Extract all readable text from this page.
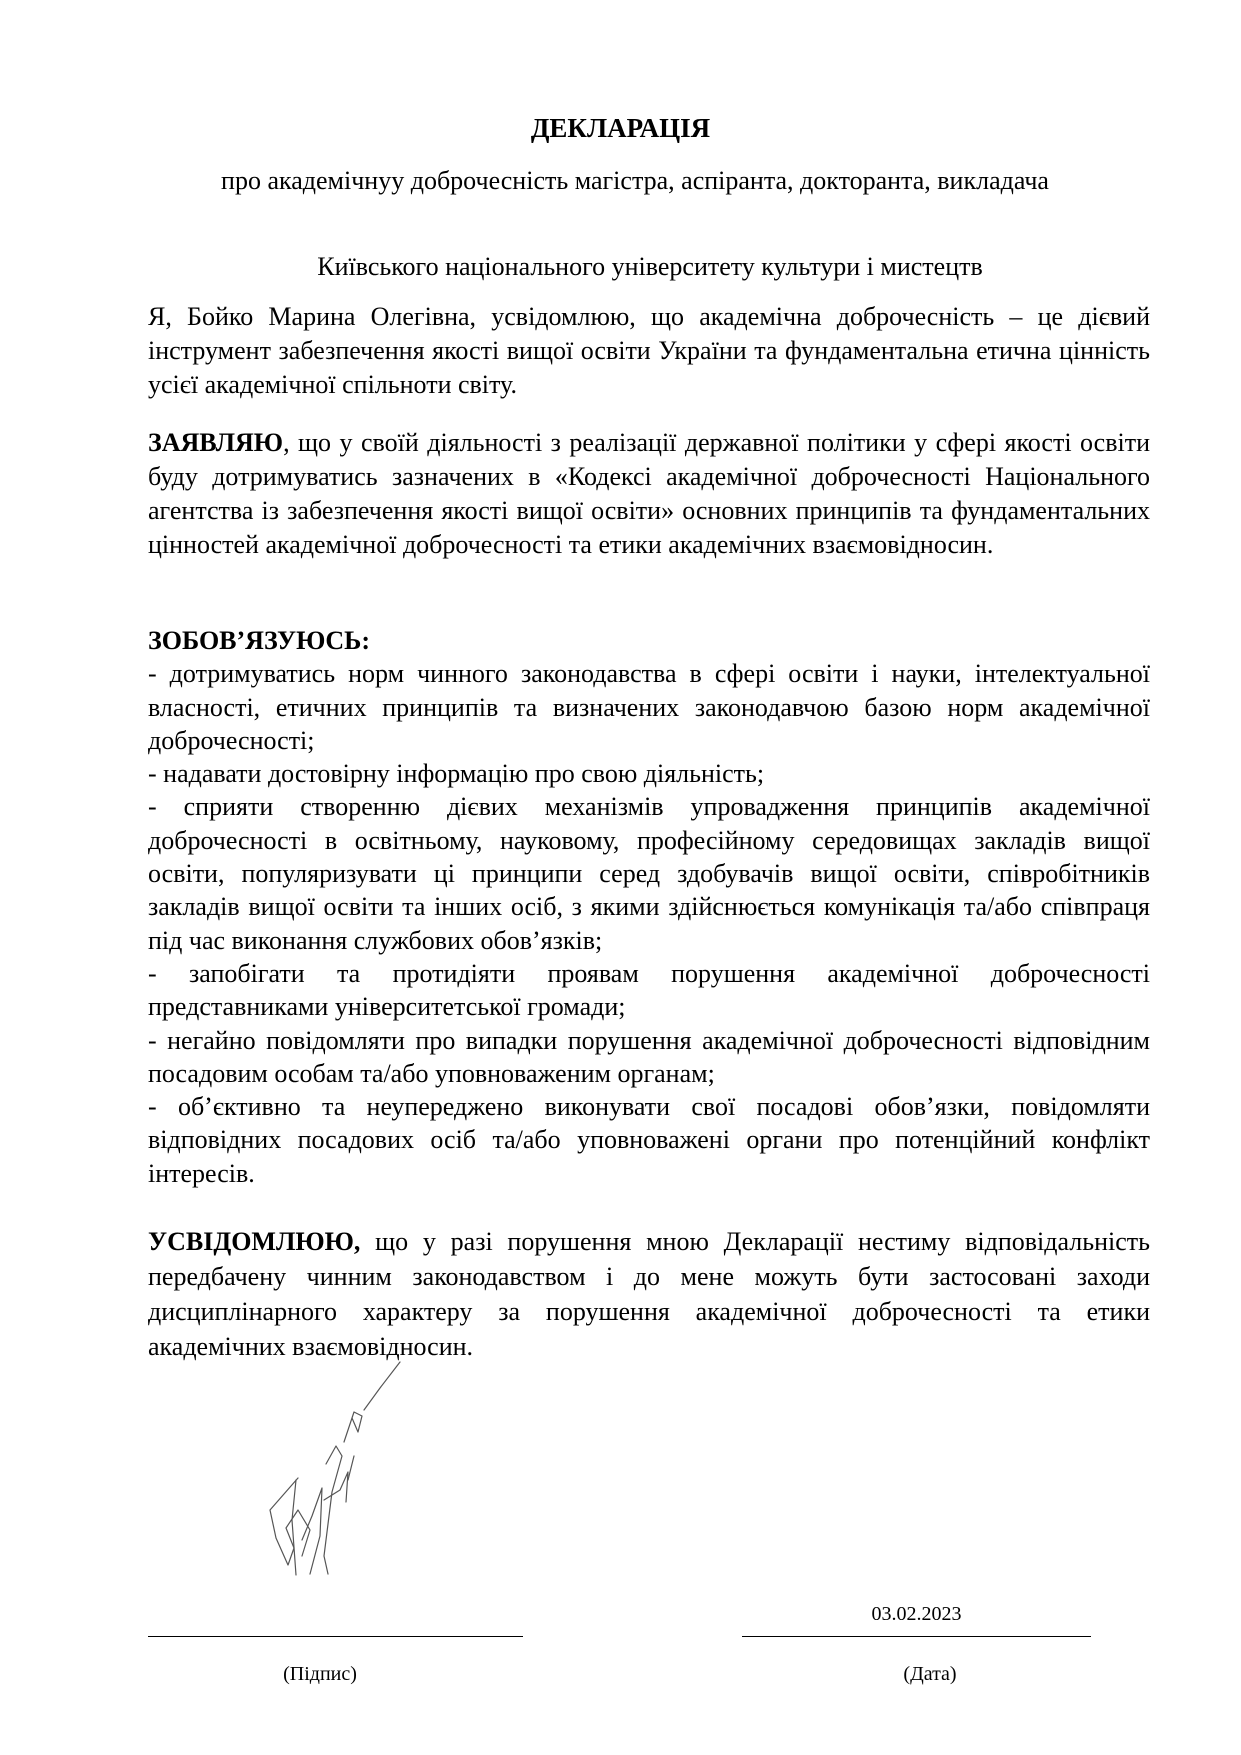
ДЕКЛАРАЦІЯ
про академічнуу доброчесність магістра, аспіранта, докторанта, викладача
Київського національного університету культури і мистецтв

Я, Бойко Марина Олегівна, усвідомлюю, що академічна доброчесність – це дієвий інструмент забезпечення якості вищої освіти України та фундаментальна етична цінність усієї академічної спільноти світу.

ЗАЯВЛЯЮ, що у своїй діяльності з реалізації державної політики у сфері якості освіти буду дотримуватись зазначених в «Кодексі академічної доброчесності Національного агентства із забезпечення якості вищої освіти» основних принципів та фундаментальних цінностей академічної доброчесності та етики академічних взаємовідносин.

ЗОБОВ’ЯЗУЮСЬ:

- дотримуватись норм чинного законодавства в сфері освіти і науки, інтелектуальної власності, етичних принципів та визначених законодавчою базою норм академічної доброчесності;

- надавати достовірну інформацію про свою діяльність;

- сприяти створенню дієвих механізмів упровадження принципів академічної доброчесності в освітньому, науковому, професійному середовищах закладів вищої освіти, популяризувати ці принципи серед здобувачів вищої освіти, співробітників закладів вищої освіти та інших осіб, з якими здійснюється комунікація та/або співпраця під час виконання службових обов’язків;

- запобігати та протидіяти проявам порушення академічної доброчесності представниками університетської громади;

- негайно повідомляти про випадки порушення академічної доброчесності відповідним посадовим особам та/або уповноваженим органам;

- об’єктивно та неупереджено виконувати свої посадові обов’язки, повідомляти відповідних посадових осіб та/або уповноважені органи про потенційний конфлікт інтересів.

УСВІДОМЛЮЮ, що у разі порушення мною Декларації нестиму відповідальність передбачену чинним законодавством і до мене можуть бути застосовані заходи дисциплінарного характеру за порушення академічної доброчесності та етики академічних взаємовідносин.

03.02.2023
(Підпис)	(Дата)
